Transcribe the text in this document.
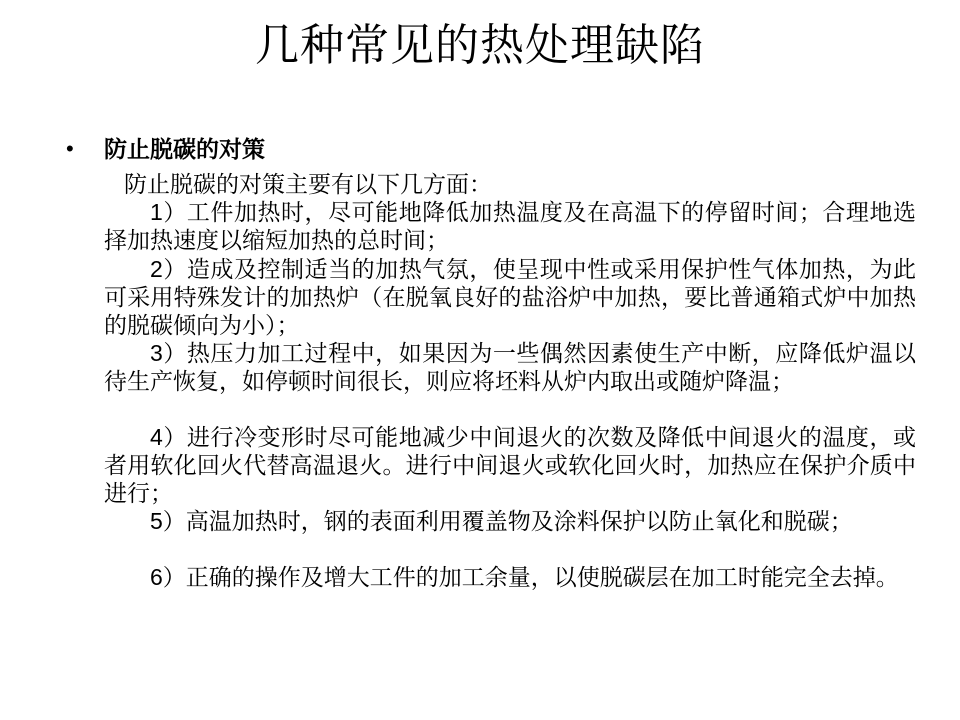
几种常见的热处理缺陷
• 防止脱碳的对策
防止脱碳的对策主要有以下几方面：
1）工件加热时，尽可能地降低加热温度及在高温下的停留时间；合理地选择加热速度以缩短加热的总时间；
2）造成及控制适当的加热气氛，使呈现中性或采用保护性气体加热，为此可采用特殊发计的加热炉（在脱氧良好的盐浴炉中加热，要比普通箱式炉中加热的脱碳倾向为小）；
3）热压力加工过程中，如果因为一些偶然因素使生产中断，应降低炉温以待生产恢复，如停顿时间很长，则应将坯料从炉内取出或随炉降温；
4）进行冷变形时尽可能地减少中间退火的次数及降低中间退火的温度，或者用软化回火代替高温退火。进行中间退火或软化回火时，加热应在保护介质中进行；
5）高温加热时，钢的表面利用覆盖物及涂料保护以防止氧化和脱碳；
6）正确的操作及增大工件的加工余量，以使脱碳层在加工时能完全去掉。
